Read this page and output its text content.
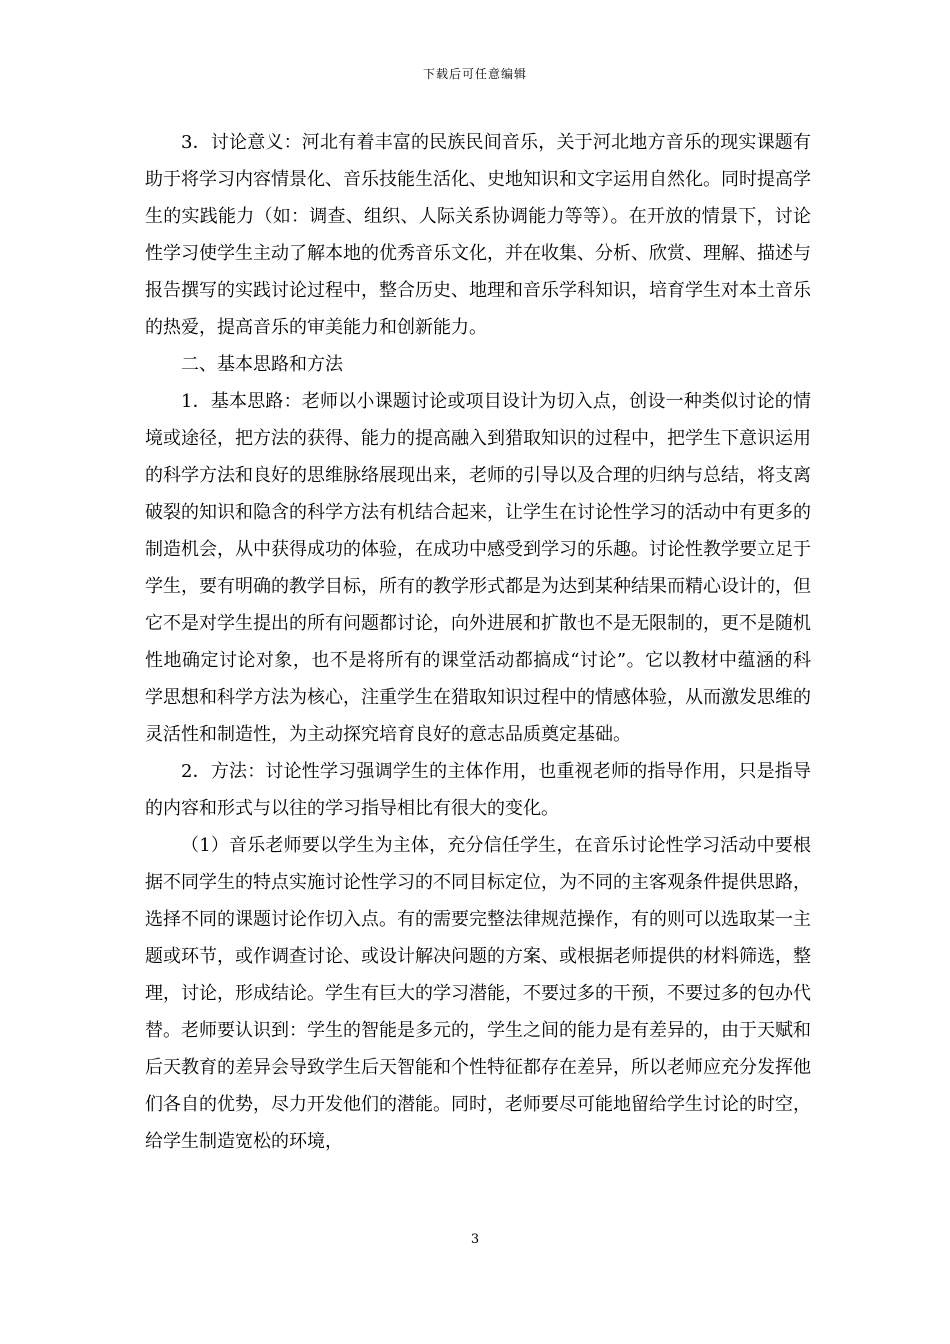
下载后可任意编辑

3．讨论意义：河北有着丰富的民族民间音乐，关于河北地方音乐的现实课题有助于将学习内容情景化、音乐技能生活化、史地知识和文字运用自然化。同时提高学生的实践能力（如：调查、组织、人际关系协调能力等等）。在开放的情景下，讨论性学习使学生主动了解本地的优秀音乐文化，并在收集、分析、欣赏、理解、描述与报告撰写的实践讨论过程中，整合历史、地理和音乐学科知识，培育学生对本土音乐的热爱，提高音乐的审美能力和创新能力。

二、基本思路和方法

1．基本思路：老师以小课题讨论或项目设计为切入点，创设一种类似讨论的情境或途径，把方法的获得、能力的提高融入到猎取知识的过程中，把学生下意识运用的科学方法和良好的思维脉络展现出来，老师的引导以及合理的归纳与总结，将支离破裂的知识和隐含的科学方法有机结合起来，让学生在讨论性学习的活动中有更多的制造机会，从中获得成功的体验，在成功中感受到学习的乐趣。讨论性教学要立足于学生，要有明确的教学目标，所有的教学形式都是为达到某种结果而精心设计的，但它不是对学生提出的所有问题都讨论，向外进展和扩散也不是无限制的，更不是随机性地确定讨论对象，也不是将所有的课堂活动都搞成“讨论”。它以教材中蕴涵的科学思想和科学方法为核心，注重学生在猎取知识过程中的情感体验，从而激发思维的灵活性和制造性，为主动探究培育良好的意志品质奠定基础。

2．方法：讨论性学习强调学生的主体作用，也重视老师的指导作用，只是指导的内容和形式与以往的学习指导相比有很大的变化。

（1）音乐老师要以学生为主体，充分信任学生，在音乐讨论性学习活动中要根据不同学生的特点实施讨论性学习的不同目标定位，为不同的主客观条件提供思路，选择不同的课题讨论作切入点。有的需要完整法律规范操作，有的则可以选取某一主题或环节，或作调查讨论、或设计解决问题的方案、或根据老师提供的材料筛选，整理，讨论，形成结论。学生有巨大的学习潜能，不要过多的干预，不要过多的包办代替。老师要认识到：学生的智能是多元的，学生之间的能力是有差异的，由于天赋和后天教育的差异会导致学生后天智能和个性特征都存在差异，所以老师应充分发挥他们各自的优势，尽力开发他们的潜能。同时，老师要尽可能地留给学生讨论的时空，给学生制造宽松的环境，

3
